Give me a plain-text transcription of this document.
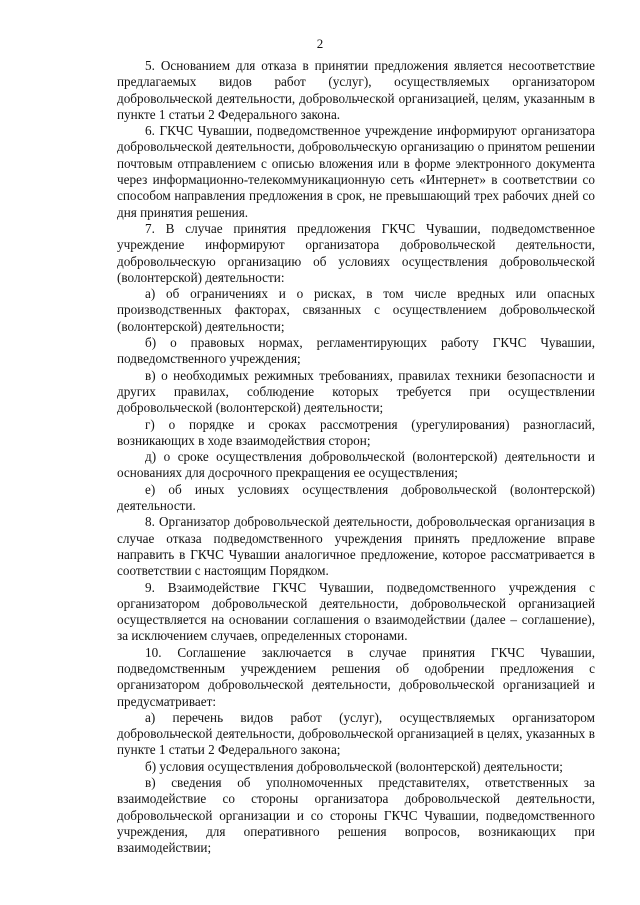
2

5. Основанием для отказа в принятии предложения является несоответствие предлагаемых видов работ (услуг), осуществляемых организатором добровольческой деятельности, добровольческой организацией, целям, указанным в пункте 1 статьи 2 Федерального закона.

6. ГКЧС Чувашии, подведомственное учреждение информируют организатора добровольческой деятельности, добровольческую организацию о принятом решении почтовым отправлением с описью вложения или в форме электронного документа через информационно-телекоммуникационную сеть «Интернет» в соответствии со способом направления предложения в срок, не превышающий трех рабочих дней со дня принятия решения.

7. В случае принятия предложения ГКЧС Чувашии, подведомственное учреждение информируют организатора добровольческой деятельности, добровольческую организацию об условиях осуществления добровольческой (волонтерской) деятельности:

а) об ограничениях и о рисках, в том числе вредных или опасных производственных факторах, связанных с осуществлением добровольческой (волонтерской) деятельности;

б) о правовых нормах, регламентирующих работу ГКЧС Чувашии, подведомственного учреждения;

в) о необходимых режимных требованиях, правилах техники безопасности и других правилах, соблюдение которых требуется при осуществлении добровольческой (волонтерской) деятельности;

г) о порядке и сроках рассмотрения (урегулирования) разногласий, возникающих в ходе взаимодействия сторон;

д) о сроке осуществления добровольческой (волонтерской) деятельности и основаниях для досрочного прекращения ее осуществления;

е) об иных условиях осуществления добровольческой (волонтерской) деятельности.

8. Организатор добровольческой деятельности, добровольческая организация в случае отказа подведомственного учреждения принять предложение вправе направить в ГКЧС Чувашии аналогичное предложение, которое рассматривается в соответствии с настоящим Порядком.

9. Взаимодействие ГКЧС Чувашии, подведомственного учреждения с организатором добровольческой деятельности, добровольческой организацией осуществляется на основании соглашения о взаимодействии (далее – соглашение), за исключением случаев, определенных сторонами.

10. Соглашение заключается в случае принятия ГКЧС Чувашии, подведомственным учреждением решения об одобрении предложения с организатором добровольческой деятельности, добровольческой организацией и предусматривает:

а) перечень видов работ (услуг), осуществляемых организатором добровольческой деятельности, добровольческой организацией в целях, указанных в пункте 1 статьи 2 Федерального закона;

б) условия осуществления добровольческой (волонтерской) деятельности;

в) сведения об уполномоченных представителях, ответственных за взаимодействие со стороны организатора добровольческой деятельности, добровольческой организации и со стороны ГКЧС Чувашии, подведомственного учреждения, для оперативного решения вопросов, возникающих при взаимодействии;
